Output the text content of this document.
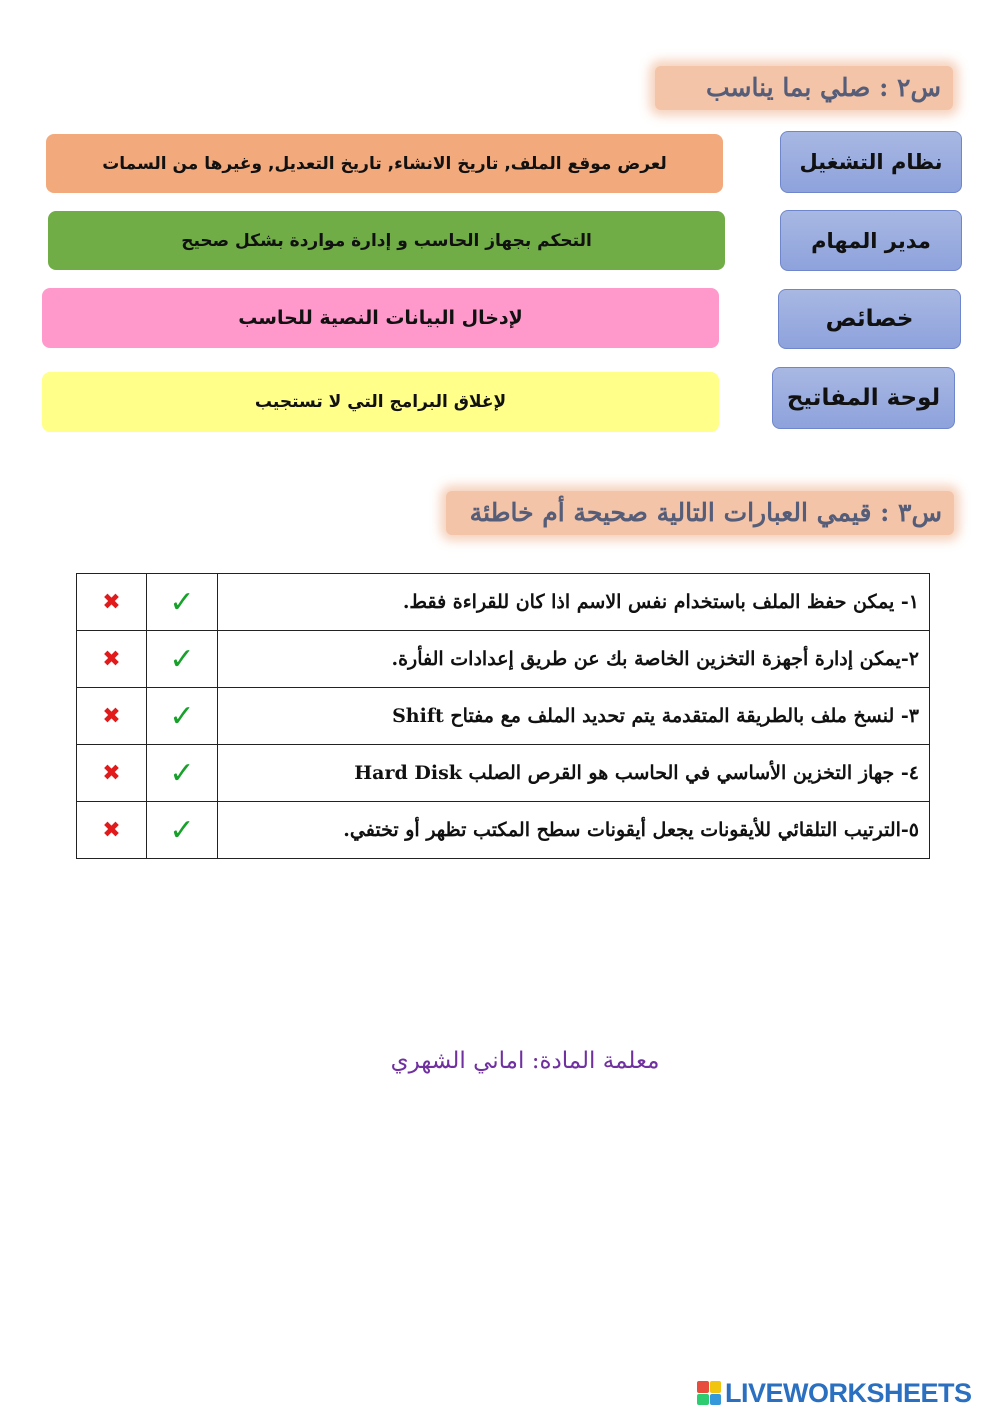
س٢ : صلي بما يناسب
لعرض موقع الملف, تاريخ الانشاء, تاريخ التعديل, وغيرها من السمات
التحكم بجهاز الحاسب و إدارة مواردة بشكل صحيح
لإدخال البيانات النصية للحاسب
لإغلاق البرامج التي لا تستجيب
نظام التشغيل
مدير المهام
خصائص
لوحة المفاتيح
س٣ : قيمي العبارات التالية صحيحة أم خاطئة
✖	✓	١- يمكن حفظ الملف باستخدام نفس الاسم اذا كان للقراءة فقط.
✖	✓	٢-يمكن إدارة أجهزة التخزين الخاصة بك عن طريق إعدادات الفأرة.
✖	✓	٣- لنسخ ملف بالطريقة المتقدمة يتم تحديد الملف مع مفتاح Shift
✖	✓	٤- جهاز التخزين الأساسي في الحاسب هو القرص الصلب Hard Disk
✖	✓	٥-الترتيب التلقائي للأيقونات يجعل أيقونات سطح المكتب تظهر أو تختفي.
معلمة المادة: اماني الشهري
LIVEWORKSHEETS
